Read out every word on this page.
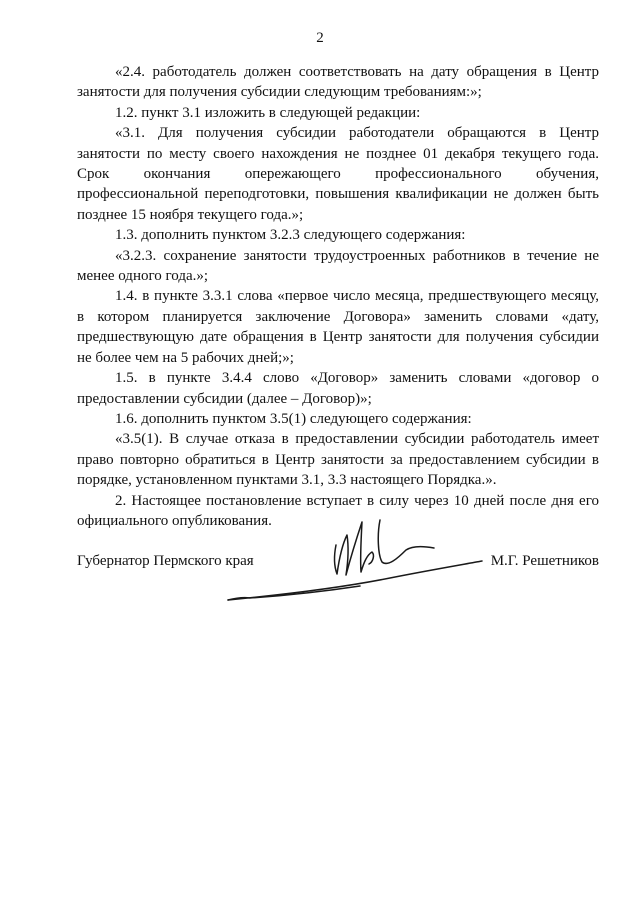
2

«2.4. работодатель должен соответствовать на дату обращения в Центр занятости для получения субсидии следующим требованиям:»;

1.2. пункт 3.1 изложить в следующей редакции:

«3.1. Для получения субсидии работодатели обращаются в Центр занятости по месту своего нахождения не позднее 01 декабря текущего года. Срок окончания опережающего профессионального обучения, профессиональной переподготовки, повышения квалификации не должен быть позднее 15 ноября текущего года.»;

1.3. дополнить пунктом 3.2.3 следующего содержания:

«3.2.3. сохранение занятости трудоустроенных работников в течение не менее одного года.»;

1.4. в пункте 3.3.1 слова «первое число месяца, предшествующего месяцу, в котором планируется заключение Договора» заменить словами «дату, предшествующую дате обращения в Центр занятости для получения субсидии не более чем на 5 рабочих дней;»;

1.5. в пункте 3.4.4 слово «Договор» заменить словами «договор о предоставлении субсидии (далее – Договор)»;

1.6. дополнить пунктом 3.5(1) следующего содержания:

«3.5(1). В случае отказа в предоставлении субсидии работодатель имеет право повторно обратиться в Центр занятости за предоставлением субсидии в порядке, установленном пунктами 3.1, 3.3 настоящего Порядка.».

2. Настоящее постановление вступает в силу через 10 дней после дня его официального опубликования.

Губернатор Пермского края	М.Г. Решетников
